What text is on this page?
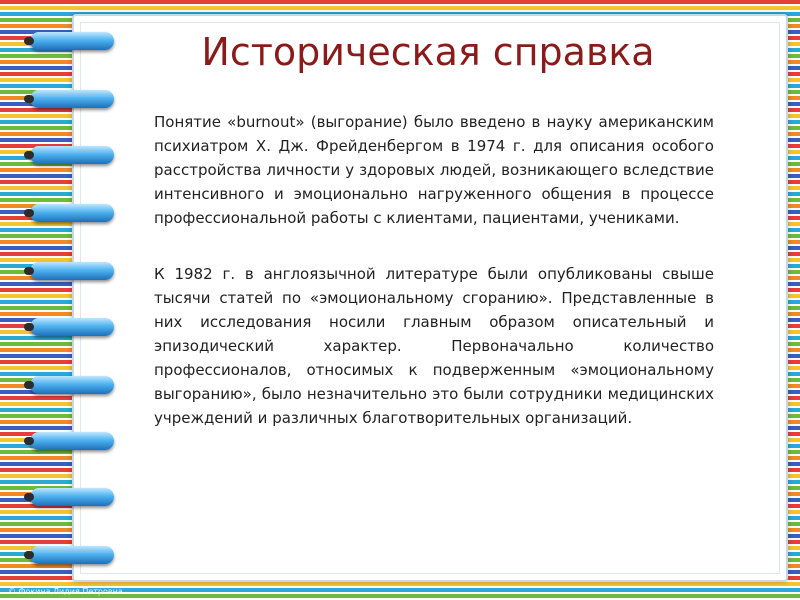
Историческая справка
Понятие «burnout» (выгорание) было введено в науку американским психиатром Х. Дж. Фрейденбергом в 1974 г. для описания особого расстройства личности у здоровых людей, возникающего вследствие интенсивного и эмоционально нагруженного общения в процессе профессиональной работы с клиентами, пациентами, учениками.
К 1982 г. в англоязычной литературе были опубликованы свыше тысячи статей по «эмоциональному сгоранию». Представленные в них исследования носили главным образом описательный и эпизодический характер. Первоначально количество профессионалов, относимых к подверженным «эмоциональному выгоранию», было незначительно это были сотрудники медицинских учреждений и различных благотворительных организаций.
© Фокина Лидия Петровна
